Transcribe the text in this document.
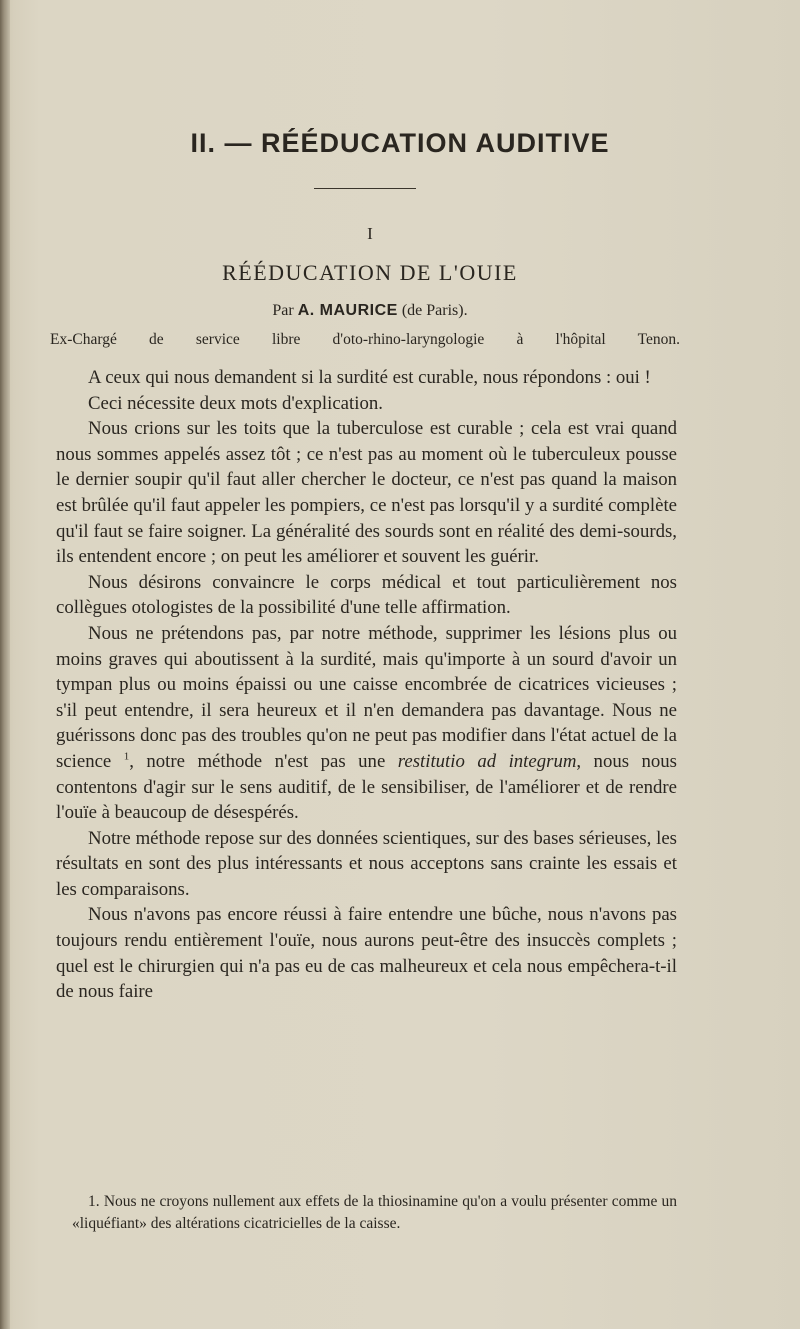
II. — RÉÉDUCATION AUDITIVE
I
RÉÉDUCATION DE L'OUIE
Par A. MAURICE (de Paris).
Ex-Chargé de service libre d'oto-rhino-laryngologie à l'hôpital Tenon.

A ceux qui nous demandent si la surdité est curable, nous répondons : oui !

Ceci nécessite deux mots d'explication.

Nous crions sur les toits que la tuberculose est curable ; cela est vrai quand nous sommes appelés assez tôt ; ce n'est pas au moment où le tuberculeux pousse le dernier soupir qu'il faut aller chercher le docteur, ce n'est pas quand la maison est brûlée qu'il faut appeler les pompiers, ce n'est pas lorsqu'il y a surdité complète qu'il faut se faire soigner. La généralité des sourds sont en réalité des demi-sourds, ils entendent encore ; on peut les améliorer et souvent les guérir.

Nous désirons convaincre le corps médical et tout particulièrement nos collègues otologistes de la possibilité d'une telle affirmation.

Nous ne prétendons pas, par notre méthode, supprimer les lésions plus ou moins graves qui aboutissent à la surdité, mais qu'importe à un sourd d'avoir un tympan plus ou moins épaissi ou une caisse encombrée de cicatrices vicieuses ; s'il peut entendre, il sera heureux et il n'en demandera pas davantage. Nous ne guérissons donc pas des troubles qu'on ne peut pas modifier dans l'état actuel de la science $^1$, notre méthode n'est pas une restitutio ad integrum, nous nous contentons d'agir sur le sens auditif, de le sensibiliser, de l'améliorer et de rendre l'ouïe à beaucoup de désespérés.

Notre méthode repose sur des données scientiques, sur des bases sérieuses, les résultats en sont des plus intéressants et nous acceptons sans crainte les essais et les comparaisons.

Nous n'avons pas encore réussi à faire entendre une bûche, nous n'avons pas toujours rendu entièrement l'ouïe, nous aurons peut-être des insuccès complets ; quel est le chirurgien qui n'a pas eu de cas malheureux et cela nous empêchera-t-il de nous faire

1. Nous ne croyons nullement aux effets de la thiosinamine qu'on a voulu présenter comme un «liquéfiant» des altérations cicatricielles de la caisse.
